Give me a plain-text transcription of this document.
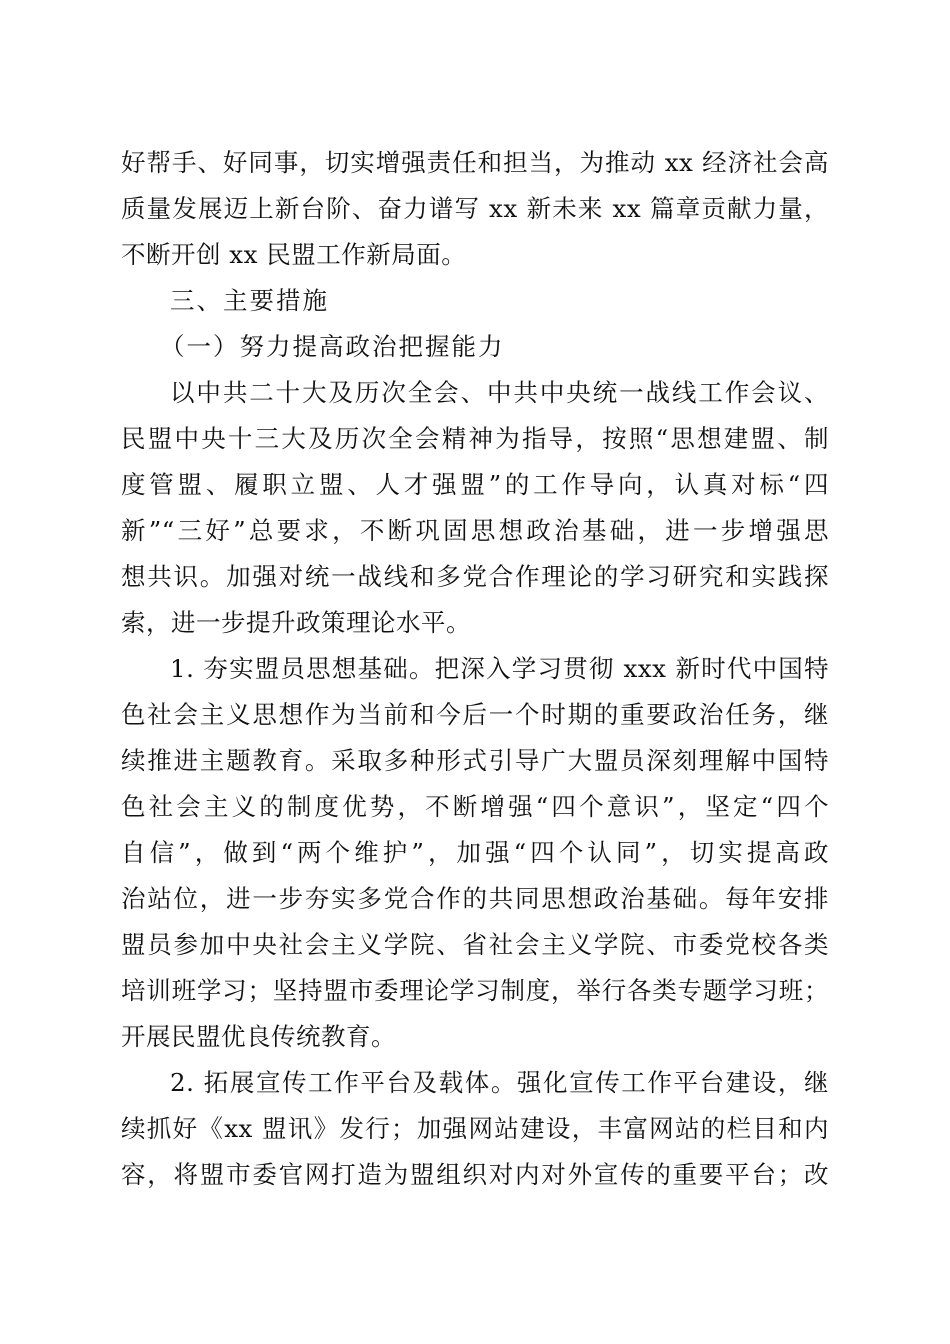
好帮手、好同事，切实增强责任和担当，为推动 xx 经济社会高
质量发展迈上新台阶、奋力谱写 xx 新未来 xx 篇章贡献力量，
不断开创 xx 民盟工作新局面。
三、主要措施
（一）努力提高政治把握能力
以中共二十大及历次全会、中共中央统一战线工作会议、
民盟中央十三大及历次全会精神为指导，按照“思想建盟、制
度管盟、履职立盟、人才强盟”的工作导向，认真对标“四
新”“三好”总要求，不断巩固思想政治基础，进一步增强思
想共识。加强对统一战线和多党合作理论的学习研究和实践探
索，进一步提升政策理论水平。
1. 夯实盟员思想基础。把深入学习贯彻 xxx 新时代中国特
色社会主义思想作为当前和今后一个时期的重要政治任务，继
续推进主题教育。采取多种形式引导广大盟员深刻理解中国特
色社会主义的制度优势，不断增强“四个意识”，坚定“四个
自信”，做到“两个维护”，加强“四个认同”，切实提高政
治站位，进一步夯实多党合作的共同思想政治基础。每年安排
盟员参加中央社会主义学院、省社会主义学院、市委党校各类
培训班学习；坚持盟市委理论学习制度，举行各类专题学习班；
开展民盟优良传统教育。
2. 拓展宣传工作平台及载体。强化宣传工作平台建设，继
续抓好《xx 盟讯》发行；加强网站建设，丰富网站的栏目和内
容，将盟市委官网打造为盟组织对内对外宣传的重要平台；改
